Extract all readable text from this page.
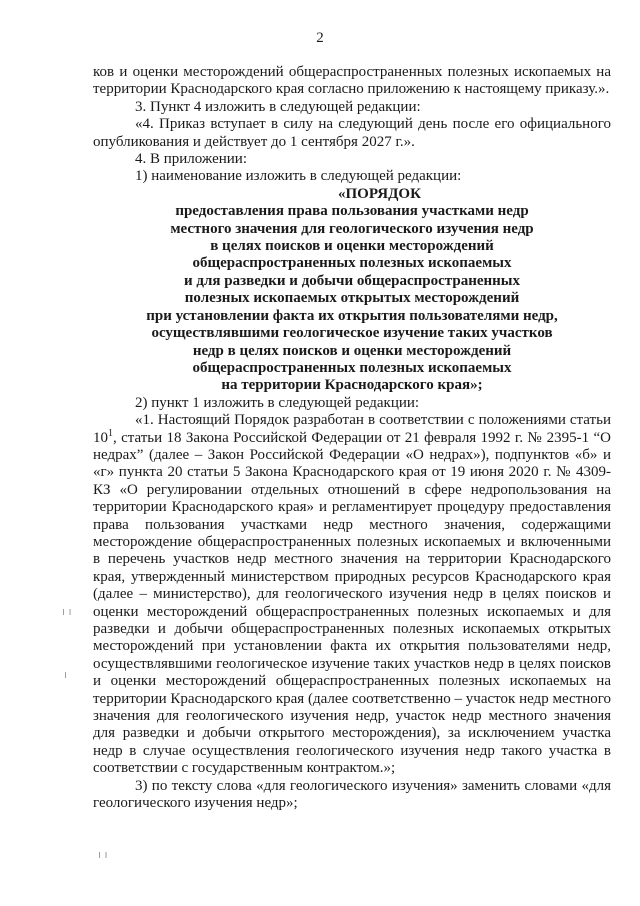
2

ков и оценки месторождений общераспространенных полезных ископаемых на территории Краснодарского края согласно приложению к настоящему приказу.».

3. Пункт 4 изложить в следующей редакции:

«4. Приказ вступает в силу на следующий день после его официального опубликования и действует до 1 сентября 2027 г.».

4. В приложении:

1) наименование изложить в следующей редакции:

«ПОРЯДОК

предоставления права пользования участками недр
местного значения для геологического изучения недр
в целях поисков и оценки месторождений
общераспространенных полезных ископаемых
и для разведки и добычи общераспространенных
полезных ископаемых открытых месторождений
при установлении факта их открытия пользователями недр,
осуществлявшими геологическое изучение таких участков
недр в целях поисков и оценки месторождений
общераспространенных полезных ископаемых
на территории Краснодарского края»;

2) пункт 1 изложить в следующей редакции:

«1. Настоящий Порядок разработан в соответствии с положениями статьи $10^1$, статьи 18 Закона Российской Федерации от 21 февраля 1992 г. № 2395-1 “О недрах” (далее – Закон Российской Федерации «О недрах»), подпунктов «б» и «г» пункта 20 статьи 5 Закона Краснодарского края от 19 июня 2020 г. № 4309-КЗ «О регулировании отдельных отношений в сфере недропользования на территории Краснодарского края» и регламентирует процедуру предоставления права пользования участками недр местного значения, содержащими месторождение общераспространенных полезных ископаемых и включенными в перечень участков недр местного значения на территории Краснодарского края, утвержденный министерством природных ресурсов Краснодарского края (далее – министерство), для геологического изучения недр в целях поисков и оценки месторождений общераспространенных полезных ископаемых и для разведки и добычи общераспространенных полезных ископаемых открытых месторождений при установлении факта их открытия пользователями недр, осуществлявшими геологическое изучение таких участков недр в целях поисков и оценки месторождений общераспространенных полезных ископаемых на территории Краснодарского края (далее соответственно – участок недр местного значения для геологического изучения недр, участок недр местного значения для разведки и добычи открытого месторождения), за исключением участка недр в случае осуществления геологического изучения недр такого участка в соответствии с государственным контрактом.»;

3) по тексту слова «для геологического изучения» заменить словами «для геологического изучения недр»;

ı ı
ı
ı ı
